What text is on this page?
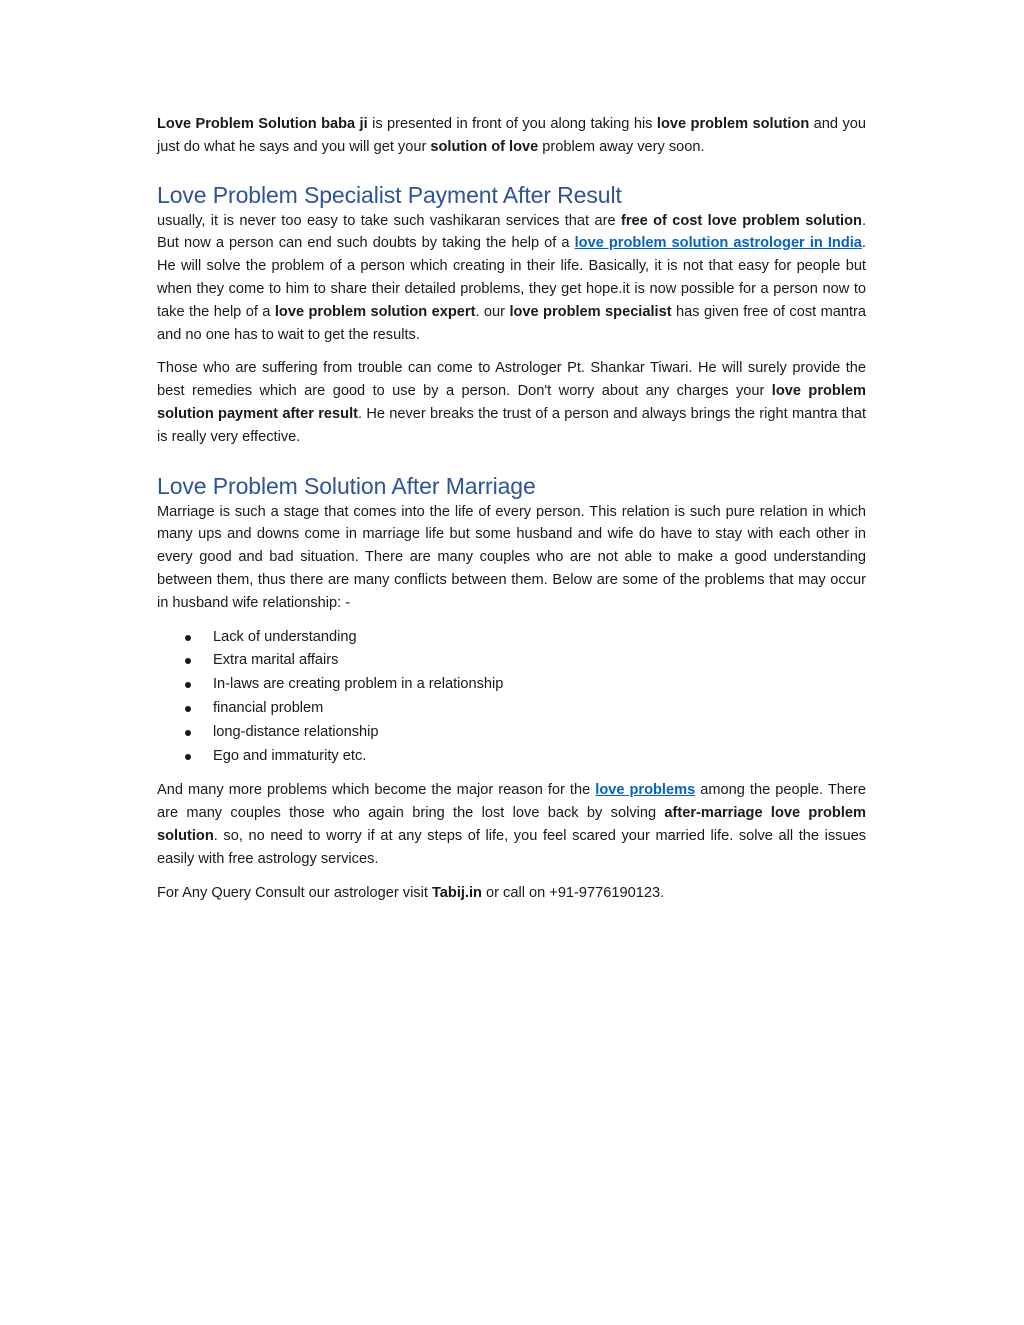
Love Problem Solution baba ji is presented in front of you along taking his love problem solution and you just do what he says and you will get your solution of love problem away very soon.

Love Problem Specialist Payment After Result

usually, it is never too easy to take such vashikaran services that are free of cost love problem solution. But now a person can end such doubts by taking the help of a love problem solution astrologer in India. He will solve the problem of a person which creating in their life. Basically, it is not that easy for people but when they come to him to share their detailed problems, they get hope.it is now possible for a person now to take the help of a love problem solution expert. our love problem specialist has given free of cost mantra and no one has to wait to get the results.

Those who are suffering from trouble can come to Astrologer Pt. Shankar Tiwari. He will surely provide the best remedies which are good to use by a person. Don't worry about any charges your love problem solution payment after result. He never breaks the trust of a person and always brings the right mantra that is really very effective.

Love Problem Solution After Marriage

Marriage is such a stage that comes into the life of every person. This relation is such pure relation in which many ups and downs come in marriage life but some husband and wife do have to stay with each other in every good and bad situation. There are many couples who are not able to make a good understanding between them, thus there are many conflicts between them. Below are some of the problems that may occur in husband wife relationship: -

Lack of understanding
Extra marital affairs
In-laws are creating problem in a relationship
financial problem
long-distance relationship
Ego and immaturity etc.

And many more problems which become the major reason for the love problems among the people. There are many couples those who again bring the lost love back by solving after-marriage love problem solution. so, no need to worry if at any steps of life, you feel scared your married life. solve all the issues easily with free astrology services.

For Any Query Consult our astrologer visit Tabij.in or call on +91-9776190123.
